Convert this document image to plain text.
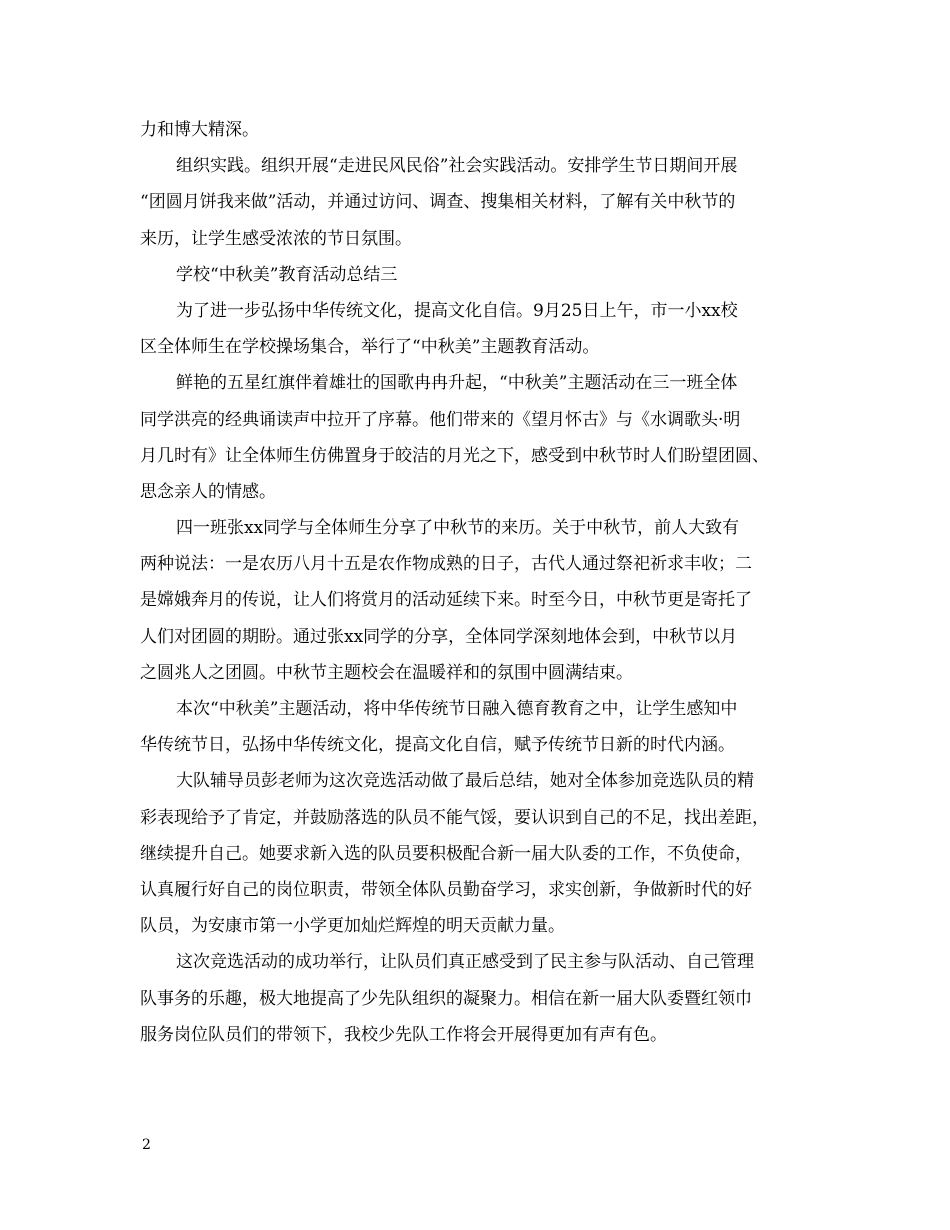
力和博大精深。
组织实践。组织开展“走进民风民俗”社会实践活动。安排学生节日期间开展
“团圆月饼我来做”活动，并通过访问、调查、搜集相关材料，了解有关中秋节的
来历，让学生感受浓浓的节日氛围。
学校“中秋美”教育活动总结三
为了进一步弘扬中华传统文化，提高文化自信。9月25日上午，市一小xx校
区全体师生在学校操场集合，举行了“中秋美”主题教育活动。
鲜艳的五星红旗伴着雄壮的国歌冉冉升起，“中秋美”主题活动在三一班全体
同学洪亮的经典诵读声中拉开了序幕。他们带来的《望月怀古》与《水调歌头·明
月几时有》让全体师生仿佛置身于皎洁的月光之下，感受到中秋节时人们盼望团圆、
思念亲人的情感。
四一班张xx同学与全体师生分享了中秋节的来历。关于中秋节，前人大致有
两种说法：一是农历八月十五是农作物成熟的日子，古代人通过祭祀祈求丰收；二
是嫦娥奔月的传说，让人们将赏月的活动延续下来。时至今日，中秋节更是寄托了
人们对团圆的期盼。通过张xx同学的分享，全体同学深刻地体会到，中秋节以月
之圆兆人之团圆。中秋节主题校会在温暖祥和的氛围中圆满结束。
本次“中秋美”主题活动，将中华传统节日融入德育教育之中，让学生感知中
华传统节日，弘扬中华传统文化，提高文化自信，赋予传统节日新的时代内涵。
大队辅导员彭老师为这次竞选活动做了最后总结，她对全体参加竞选队员的精
彩表现给予了肯定，并鼓励落选的队员不能气馁，要认识到自己的不足，找出差距，
继续提升自己。她要求新入选的队员要积极配合新一届大队委的工作，不负使命，
认真履行好自己的岗位职责，带领全体队员勤奋学习，求实创新，争做新时代的好
队员，为安康市第一小学更加灿烂辉煌的明天贡献力量。
这次竞选活动的成功举行，让队员们真正感受到了民主参与队活动、自己管理
队事务的乐趣，极大地提高了少先队组织的凝聚力。相信在新一届大队委暨红领巾
服务岗位队员们的带领下，我校少先队工作将会开展得更加有声有色。
2
